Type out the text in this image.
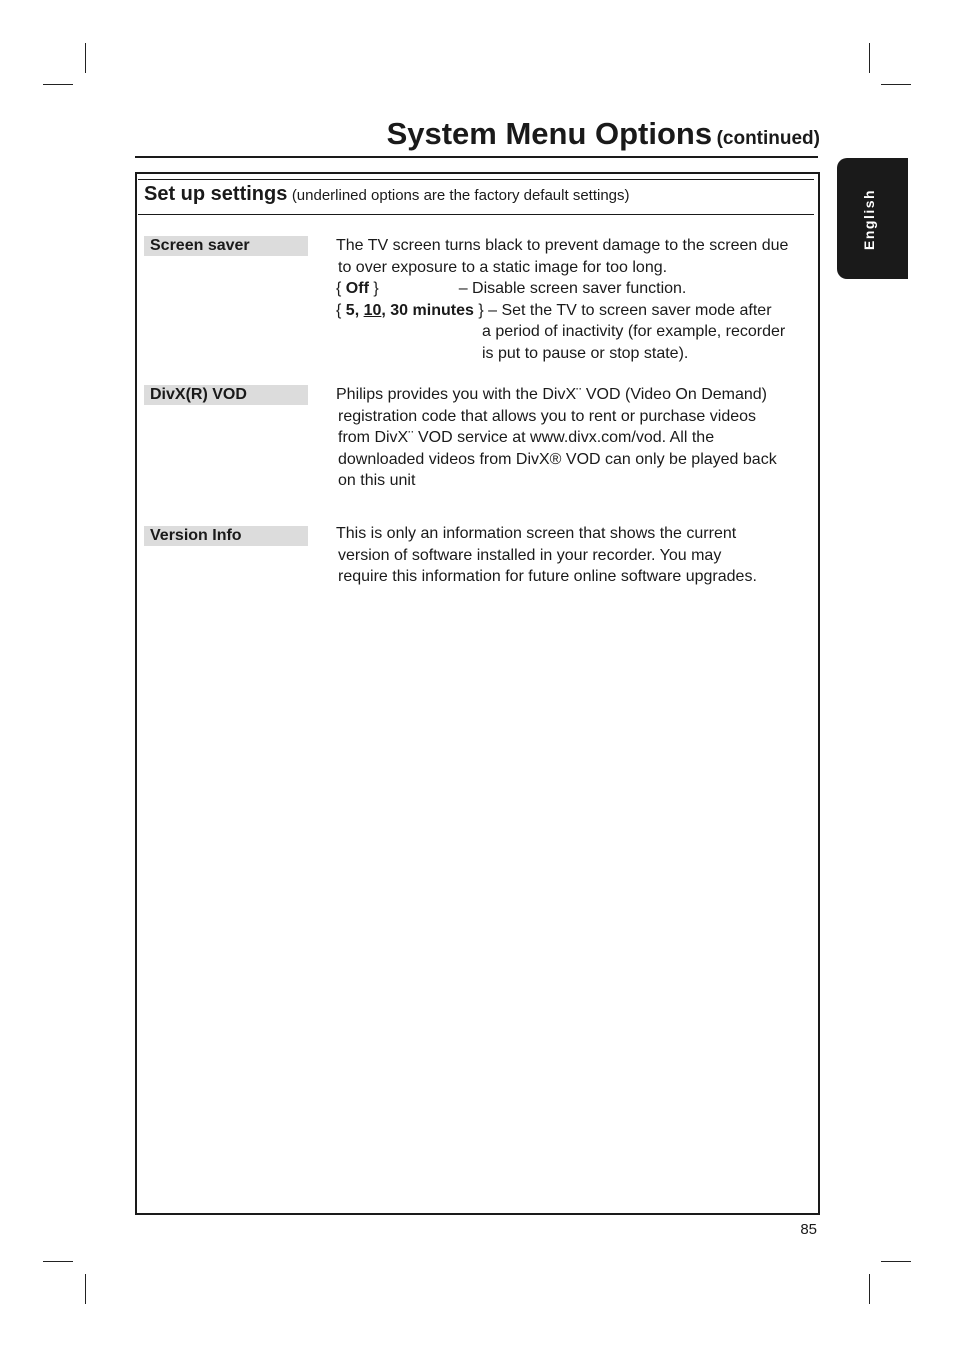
System Menu Options (continued)
English
Set up settings (underlined options are the factory default settings)
Screen saver	The TV screen turns black to prevent damage to the screen due

to over exposure to a static image for too long.

{ Off }	– Disable screen saver function.

{ 5, 10, 30 minutes } – Set the TV to screen saver mode after

a period of inactivity (for example, recorder

is put to pause or stop state).

DivX(R) VOD	Philips provides you with the DivX¨ VOD (Video On Demand)

registration code that allows you to rent or purchase videos

from DivX¨ VOD service at www.divx.com/vod. All the

downloaded videos from DivX® VOD can only be played back

on this unit

Version Info	This is only an information screen that shows the current

version of software installed in your recorder. You may

require this information for future online software upgrades.

85
